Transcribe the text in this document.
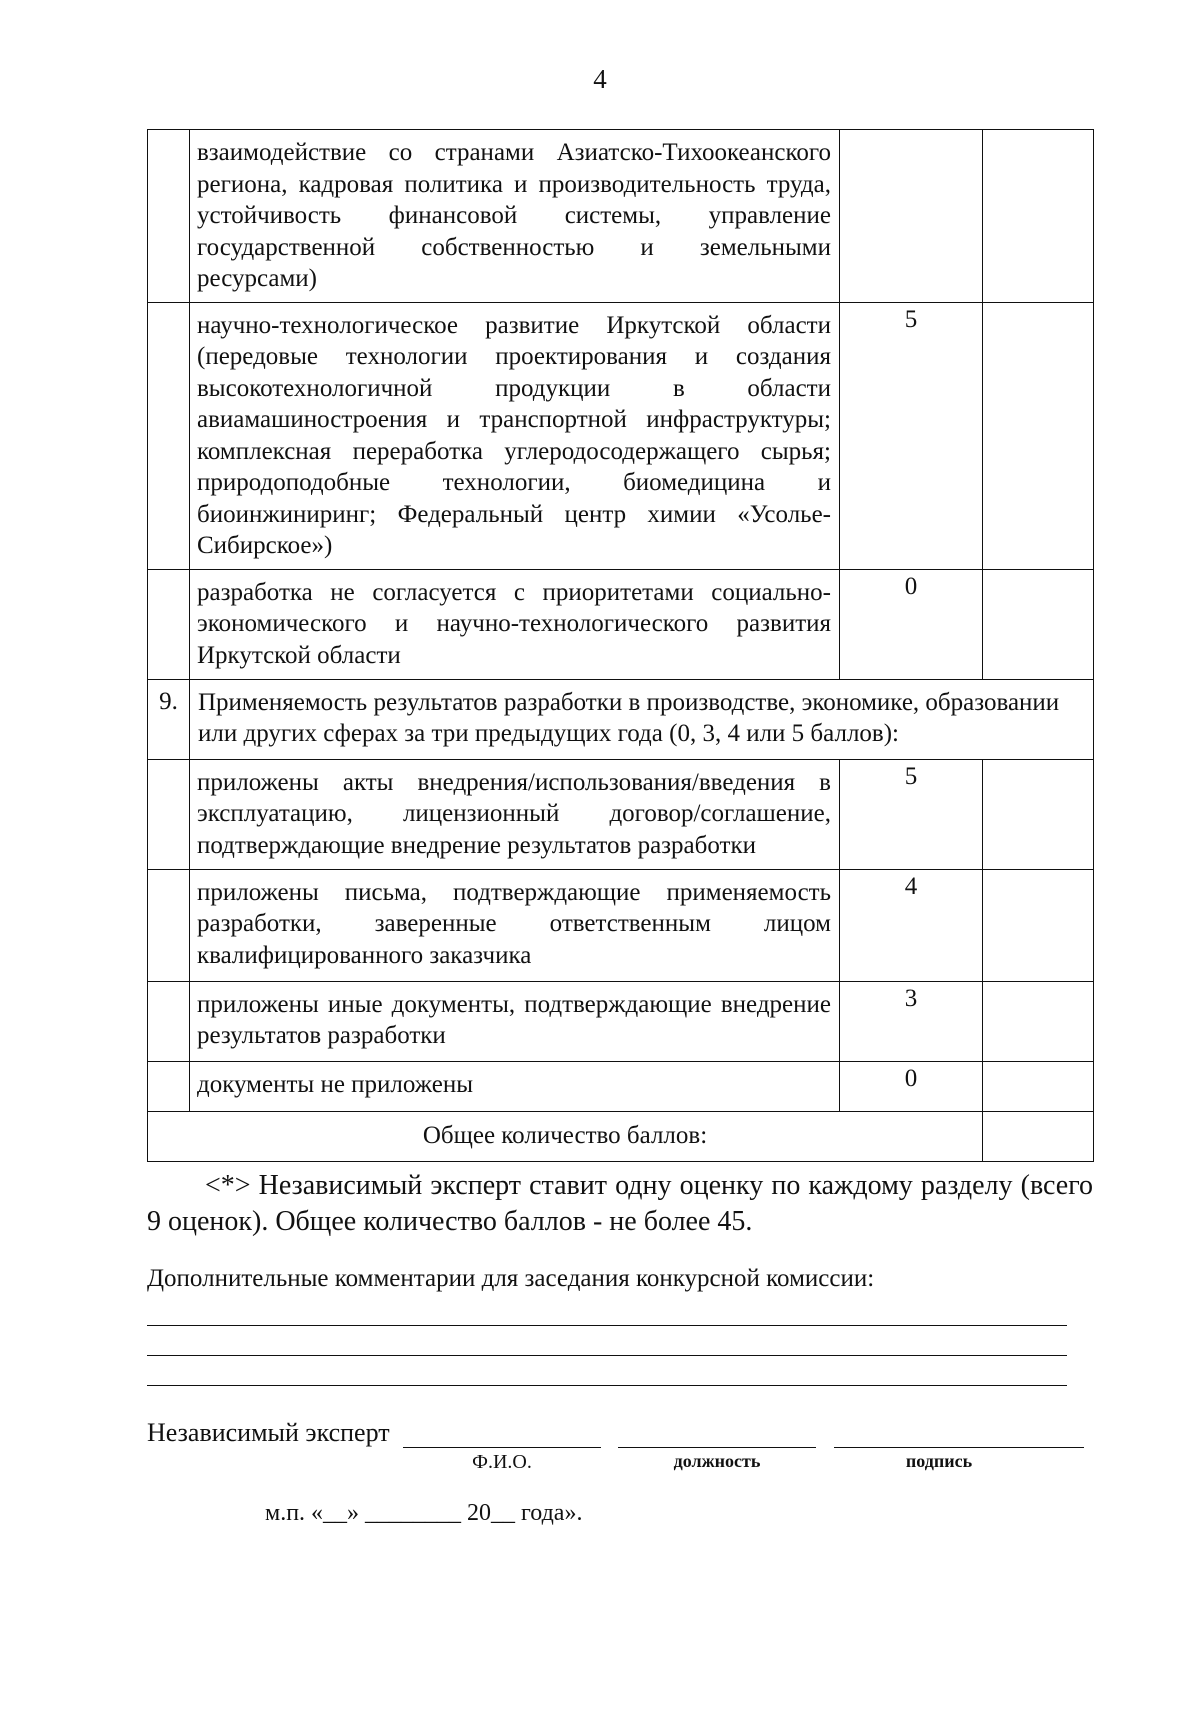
4
	взаимодействие со странами Азиатско-Тихоокеанского региона, кадровая политика и производительность труда, устойчивость финансовой системы, управление государственной собственностью и земельными ресурсами)		
	научно-технологическое развитие Иркутской области (передовые технологии проектирования и создания высокотехнологичной продукции в области авиамашиностроения и транспортной инфраструктуры; комплексная переработка углеродосодержащего сырья; природоподобные технологии, биомедицина и биоинжиниринг; Федеральный центр химии «Усолье-Сибирское»)	5	
	разработка не согласуется с приоритетами социально-экономического и научно-технологического развития Иркутской области	0	
9.	Применяемость результатов разработки в производстве, экономике, образовании или других сферах за три предыдущих года (0, 3, 4 или 5 баллов):		
	приложены акты внедрения/использования/введения в эксплуатацию, лицензионный договор/соглашение, подтверждающие внедрение результатов разработки	5	
	приложены письма, подтверждающие применяемость разработки, заверенные ответственным лицом квалифицированного заказчика	4	
	приложены иные документы, подтверждающие внедрение результатов разработки	3	
	документы не приложены	0	
Общее количество баллов:			
<*> Независимый эксперт ставит одну оценку по каждому разделу (всего 9 оценок). Общее количество баллов - не более 45.
Дополнительные комментарии для заседания конкурсной комиссии:
Независимый эксперт
Ф.И.О.	должность	подпись
м.п. «__» ________ 20__ года».
